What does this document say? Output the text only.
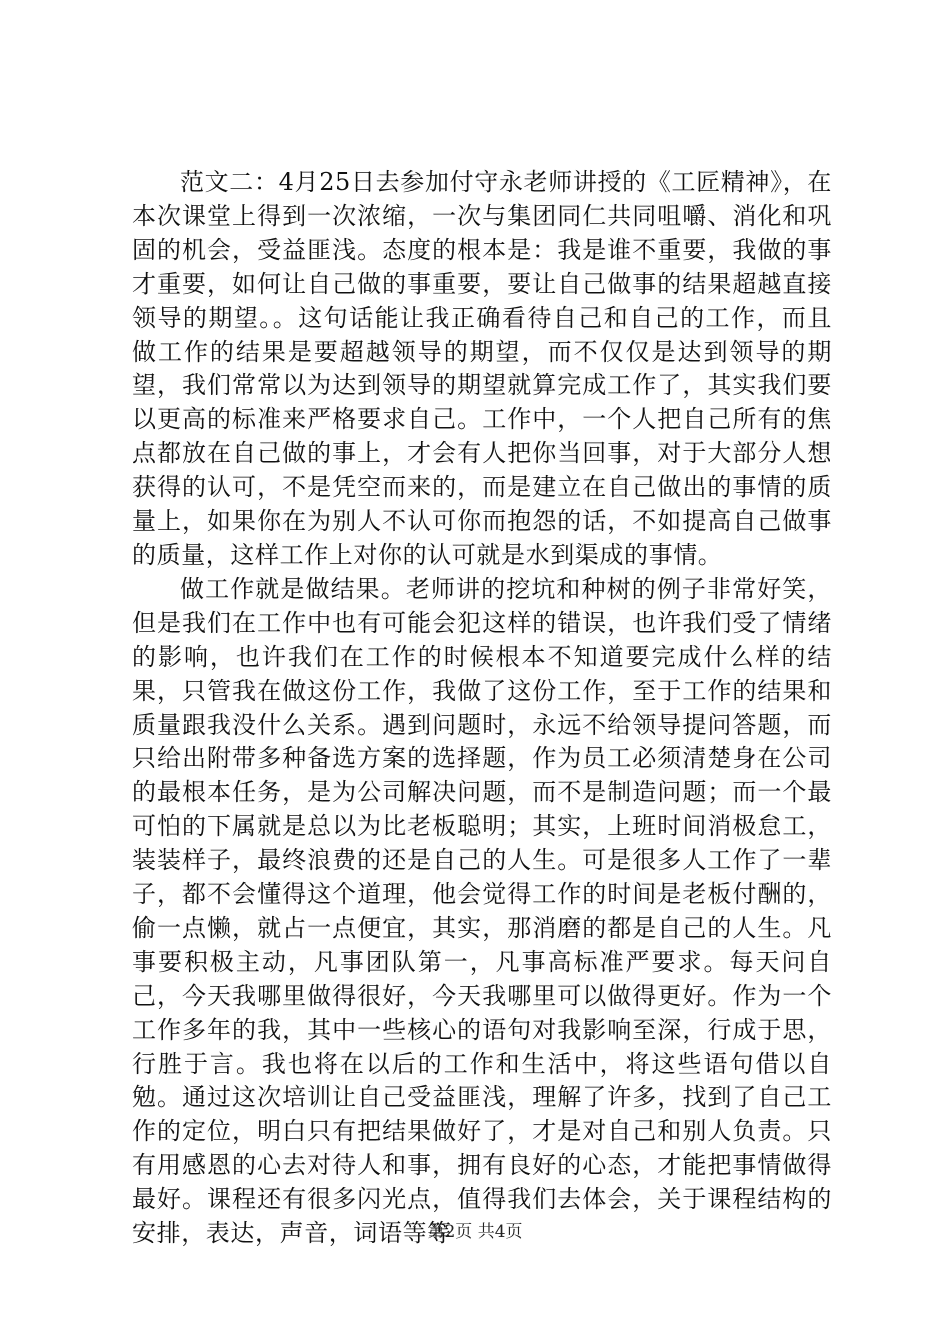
范文二：4月25日去参加付守永老师讲授的《工匠精神》，在本次课堂上得到一次浓缩，一次与集团同仁共同咀嚼、消化和巩固的机会，受益匪浅。态度的根本是：我是谁不重要，我做的事才重要，如何让自己做的事重要，要让自己做事的结果超越直接领导的期望。。这句话能让我正确看待自己和自己的工作，而且做工作的结果是要超越领导的期望，而不仅仅是达到领导的期望，我们常常以为达到领导的期望就算完成工作了，其实我们要以更高的标准来严格要求自己。工作中，一个人把自己所有的焦点都放在自己做的事上，才会有人把你当回事，对于大部分人想获得的认可，不是凭空而来的，而是建立在自己做出的事情的质量上，如果你在为别人不认可你而抱怨的话，不如提高自己做事的质量，这样工作上对你的认可就是水到渠成的事情。

做工作就是做结果。老师讲的挖坑和种树的例子非常好笑，但是我们在工作中也有可能会犯这样的错误，也许我们受了情绪的影响，也许我们在工作的时候根本不知道要完成什么样的结果，只管我在做这份工作，我做了这份工作，至于工作的结果和质量跟我没什么关系。遇到问题时，永远不给领导提问答题，而只给出附带多种备选方案的选择题，作为员工必须清楚身在公司的最根本任务，是为公司解决问题，而不是制造问题；而一个最可怕的下属就是总以为比老板聪明；其实，上班时间消极怠工，装装样子，最终浪费的还是自己的人生。可是很多人工作了一辈子，都不会懂得这个道理，他会觉得工作的时间是老板付酬的，偷一点懒，就占一点便宜，其实，那消磨的都是自己的人生。凡事要积极主动，凡事团队第一，凡事高标准严要求。每天问自己，今天我哪里做得很好，今天我哪里可以做得更好。作为一个工作多年的我，其中一些核心的语句对我影响至深，行成于思，行胜于言。我也将在以后的工作和生活中，将这些语句借以自勉。通过这次培训让自己受益匪浅，理解了许多，找到了自己工作的定位，明白只有把结果做好了，才是对自己和别人负责。只有用感恩的心去对待人和事，拥有良好的心态，才能把事情做得最好。课程还有很多闪光点，值得我们去体会，关于课程结构的安排，表达，声音，词语等等

第2页 共4页
